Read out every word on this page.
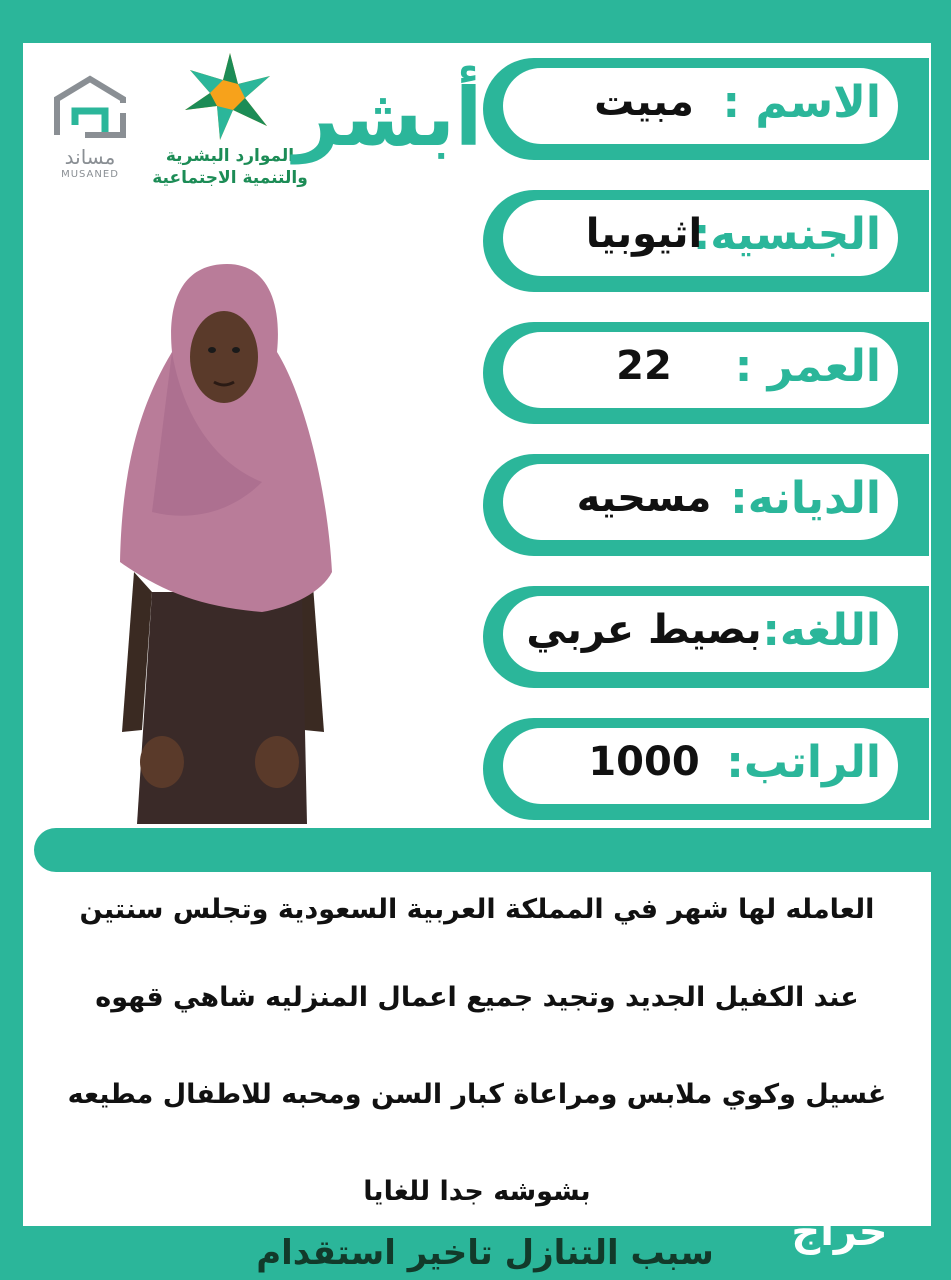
مساند
MUSANED
الموارد البشرية
والتنمية الاجتماعية
أبشر	الاسم :
مبيت
الجنسيه:
اثيوبيا
العمر :
22
الديانه:
مسحيه
اللغه:
بصيط عربي
الراتب:
1000
العامله لها شهر في المملكة العربية السعودية وتجلس سنتين
عند الكفيل الجديد وتجيد جميع اعمال المنزليه شاهي قهوه
غسيل وكوي ملابس ومراعاة كبار السن ومحبه للاطفال مطيعه
بشوشه جدا للغايا
سبب التنازل تاخير استقدام	حراج
